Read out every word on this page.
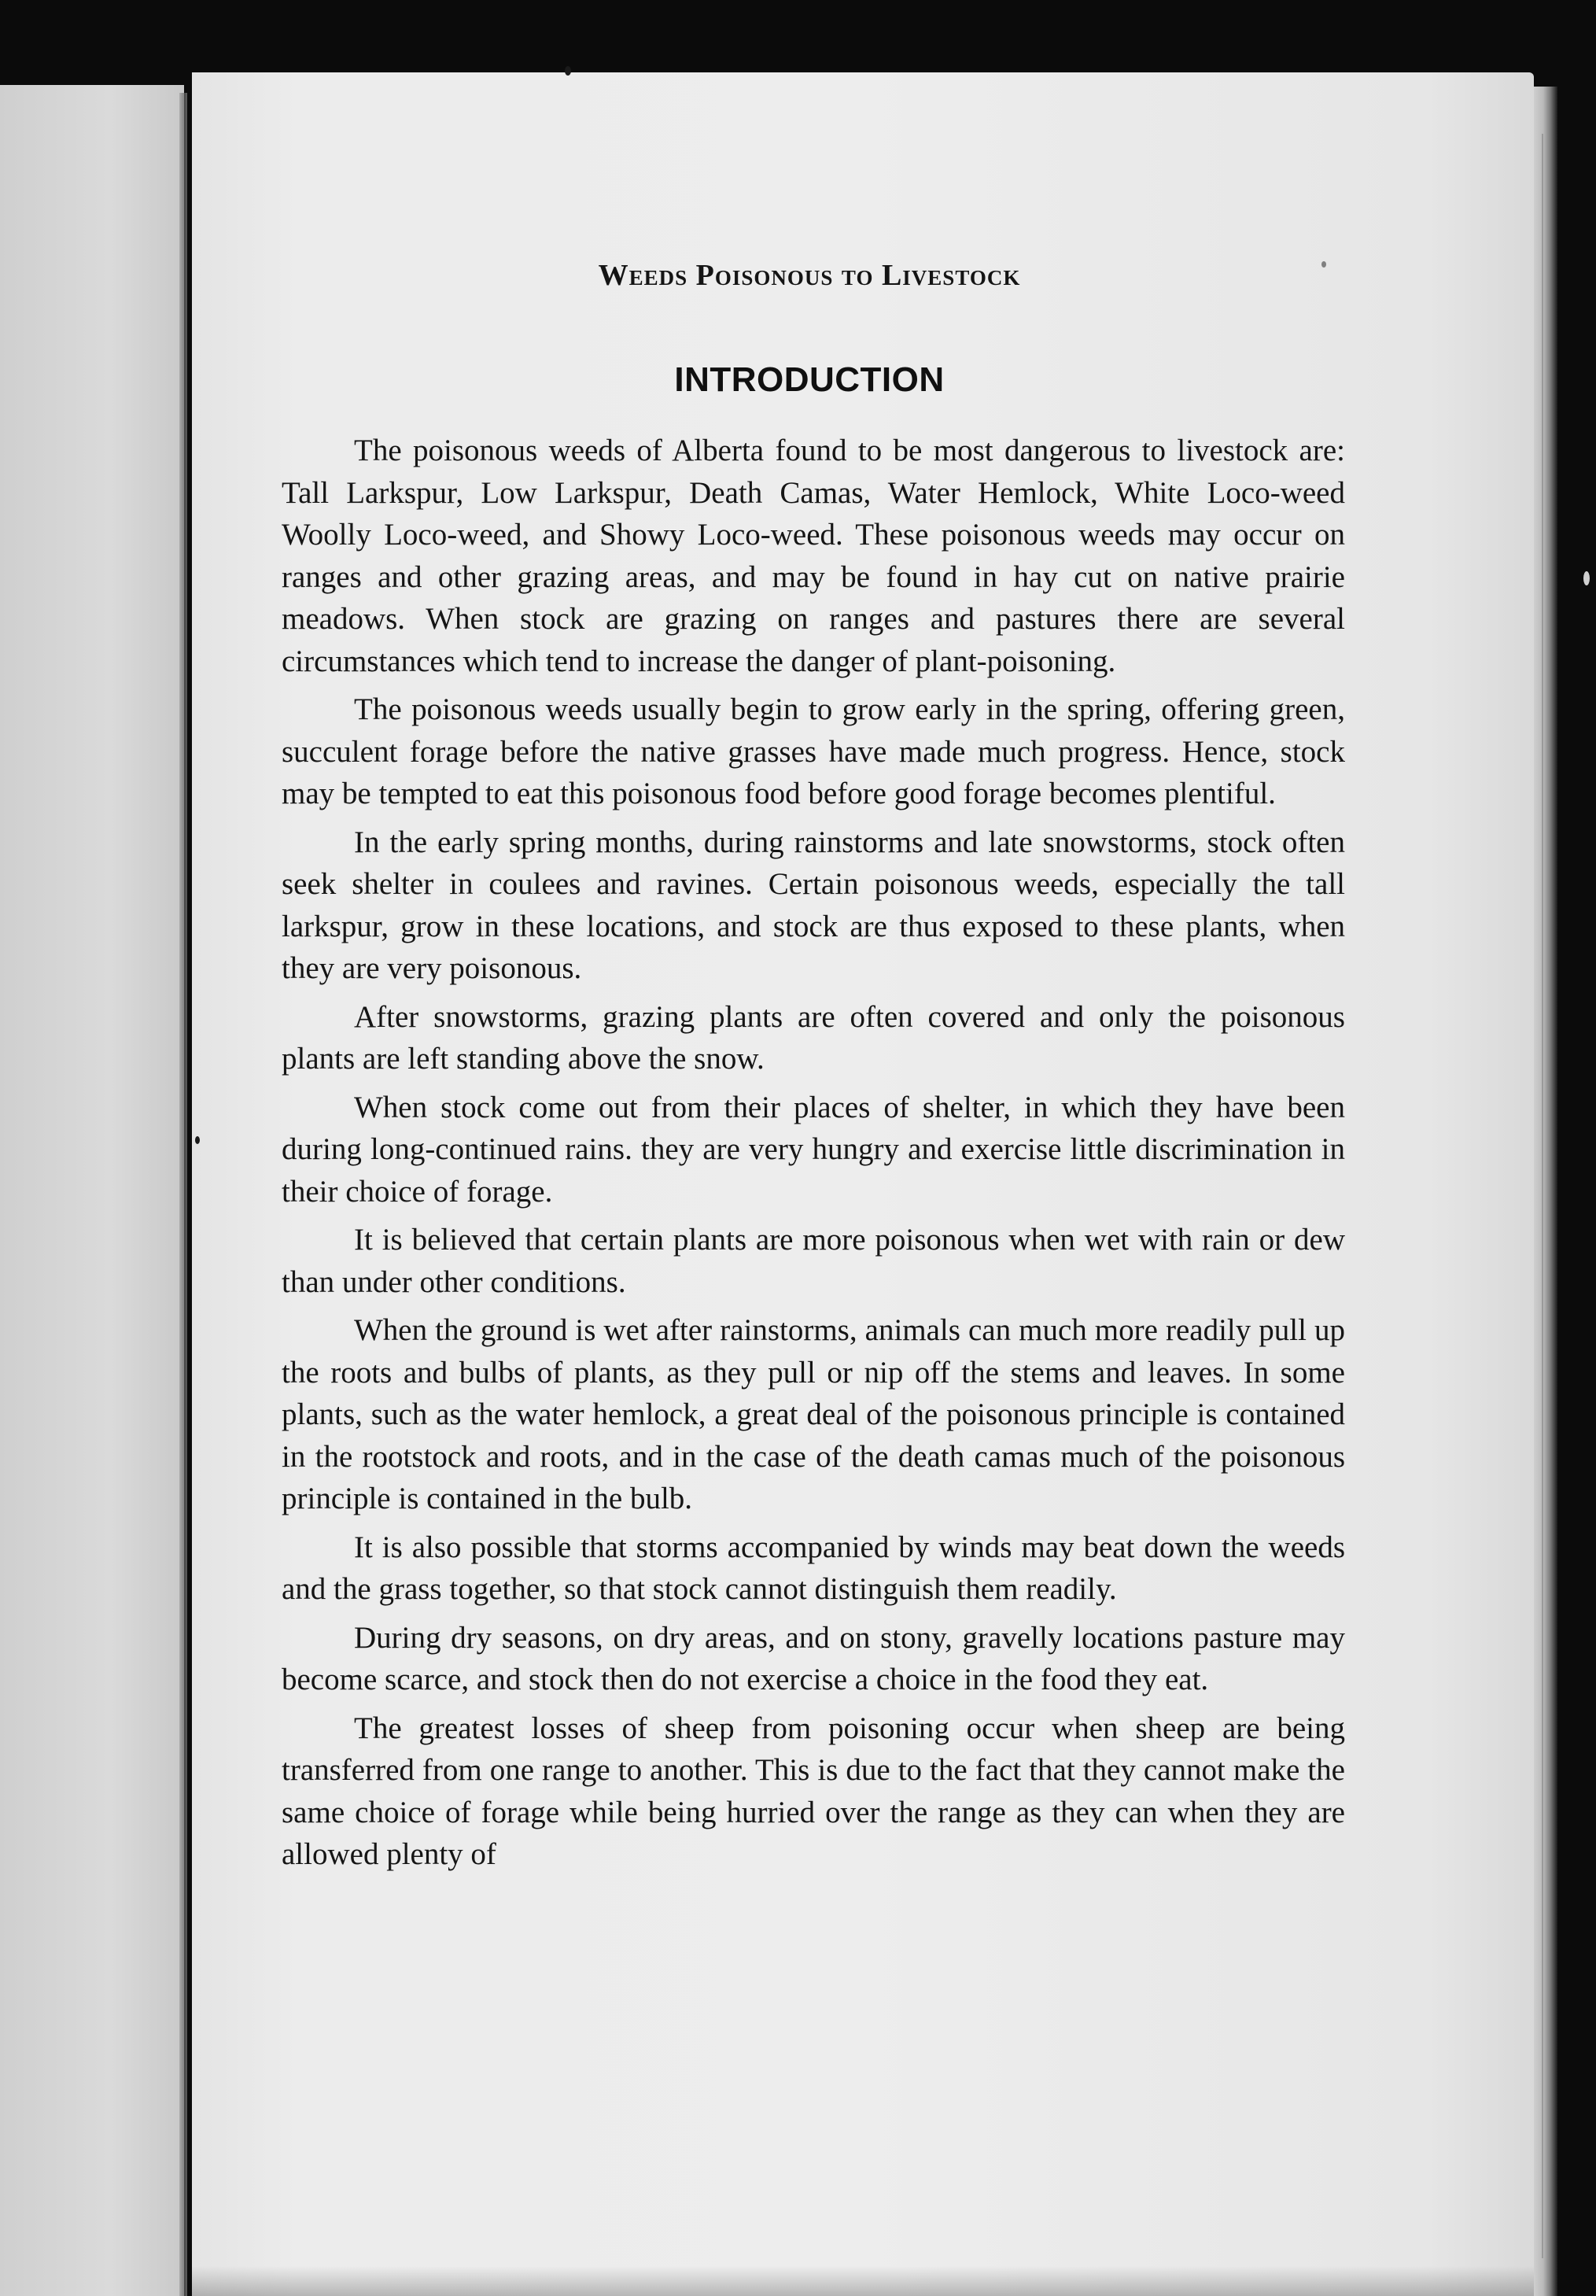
Weeds Poisonous to Livestock
INTRODUCTION

The poisonous weeds of Alberta found to be most dangerous to livestock are: Tall Larkspur, Low Larkspur, Death Camas, Water Hemlock, White Loco-weed Woolly Loco-weed, and Showy Loco-weed. These poisonous weeds may occur on ranges and other grazing areas, and may be found in hay cut on native prairie meadows. When stock are grazing on ranges and pastures there are several circumstances which tend to increase the danger of plant-poisoning.

The poisonous weeds usually begin to grow early in the spring, offering green, succulent forage before the native grasses have made much progress. Hence, stock may be tempted to eat this poisonous food before good forage becomes plentiful.

In the early spring months, during rainstorms and late snowstorms, stock often seek shelter in coulees and ravines. Certain poisonous weeds, especially the tall larkspur, grow in these locations, and stock are thus exposed to these plants, when they are very poisonous.

After snowstorms, grazing plants are often covered and only the poisonous plants are left standing above the snow.

When stock come out from their places of shelter, in which they have been during long-continued rains. they are very hungry and exercise little discrimination in their choice of forage.

It is believed that certain plants are more poisonous when wet with rain or dew than under other conditions.

When the ground is wet after rainstorms, animals can much more readily pull up the roots and bulbs of plants, as they pull or nip off the stems and leaves. In some plants, such as the water hemlock, a great deal of the poisonous principle is contained in the rootstock and roots, and in the case of the death camas much of the poisonous principle is contained in the bulb.

It is also possible that storms accompanied by winds may beat down the weeds and the grass together, so that stock cannot distinguish them readily.

During dry seasons, on dry areas, and on stony, gravelly locations pasture may become scarce, and stock then do not exercise a choice in the food they eat.

The greatest losses of sheep from poisoning occur when sheep are being transferred from one range to another. This is due to the fact that they cannot make the same choice of forage while being hurried over the range as they can when they are allowed plenty of
